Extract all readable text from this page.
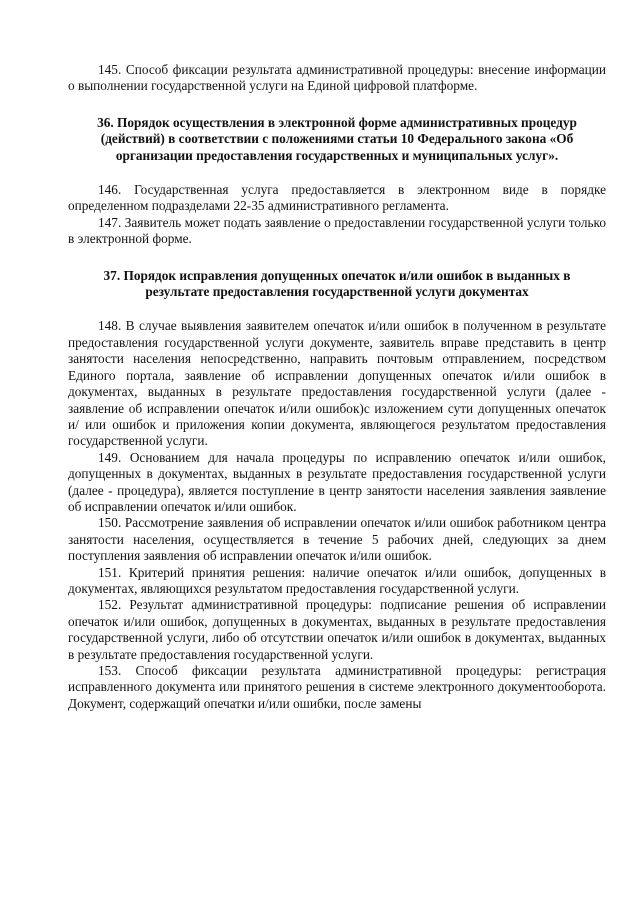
145. Способ фиксации результата административной процедуры: внесение информации о выполнении государственной услуги на Единой цифровой платформе.

36. Порядок осуществления в электронной форме административных процедур (действий) в соответствии с положениями статьи 10 Федерального закона «Об организации предоставления государственных и муниципальных услуг».

146. Государственная услуга предоставляется в электронном виде в порядке определенном подразделами 22-35 административного регламента.

147. Заявитель может подать заявление о предоставлении государственной услуги только в электронной форме.

37. Порядок исправления допущенных опечаток и/или ошибок в выданных в результате предоставления государственной услуги документах

148. В случае выявления заявителем опечаток и/или ошибок в полученном в результате предоставления государственной услуги документе, заявитель вправе представить в центр занятости населения непосредственно, направить почтовым отправлением, посредством Единого портала, заявление об исправлении допущенных опечаток и/или ошибок в документах, выданных в результате предоставления государственной услуги (далее - заявление об исправлении опечаток и/или ошибок)с изложением сути допущенных опечаток и/ или ошибок и приложения копии документа, являющегося результатом предоставления государственной услуги.

149. Основанием для начала процедуры по исправлению опечаток и/или ошибок, допущенных в документах, выданных в результате предоставления государственной услуги (далее - процедура), является поступление в центр занятости населения заявления заявление об исправлении опечаток и/или ошибок.

150. Рассмотрение заявления об исправлении опечаток и/или ошибок работником центра занятости населения, осуществляется в течение 5 рабочих дней, следующих за днем поступления заявления об исправлении опечаток и/или ошибок.

151. Критерий принятия решения: наличие опечаток и/или ошибок, допущенных в документах, являющихся результатом предоставления государственной услуги.

152. Результат административной процедуры: подписание решения об исправлении опечаток и/или ошибок, допущенных в документах, выданных в результате предоставления государственной услуги, либо об отсутствии опечаток и/или ошибок в документах, выданных в результате предоставления государственной услуги.

153. Способ фиксации результата административной процедуры: регистрация исправленного документа или принятого решения в системе электронного документооборота. Документ, содержащий опечатки и/или ошибки, после замены
